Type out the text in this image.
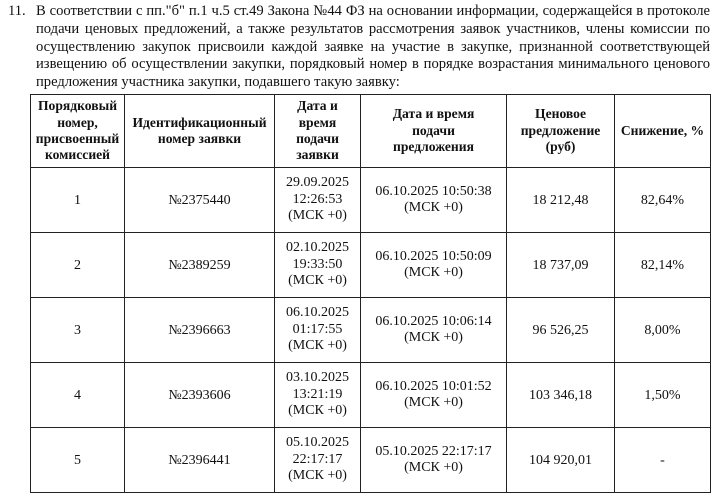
11. В соответствии с пп."б" п.1 ч.5 ст.49 Закона №44 ФЗ на основании информации, содержащейся в протоколе
подачи ценовых предложений, а также результатов рассмотрения заявок участников, члены комиссии по
осуществлению закупок присвоили каждой заявке на участие в закупке, признанной соответствующей
извещению об осуществлении закупки, порядковый номер в порядке возрастания минимального ценового
предложения участника закупки, подавшего такую заявку:
Порядковый
номер,
присвоенный
комиссией	Идентификационный
номер заявки	Дата и
время
подачи
заявки	Дата и время
подачи
предложения	Ценовое
предложение
(руб)	Снижение, %
1	№2375440	29.09.2025
12:26:53
(МСК +0)	06.10.2025 10:50:38
(МСК +0)	18 212,48	82,64%
2	№2389259	02.10.2025
19:33:50
(МСК +0)	06.10.2025 10:50:09
(МСК +0)	18 737,09	82,14%
3	№2396663	06.10.2025
01:17:55
(МСК +0)	06.10.2025 10:06:14
(МСК +0)	96 526,25	8,00%
4	№2393606	03.10.2025
13:21:19
(МСК +0)	06.10.2025 10:01:52
(МСК +0)	103 346,18	1,50%
5	№2396441	05.10.2025
22:17:17
(МСК +0)	05.10.2025 22:17:17
(МСК +0)	104 920,01	-
